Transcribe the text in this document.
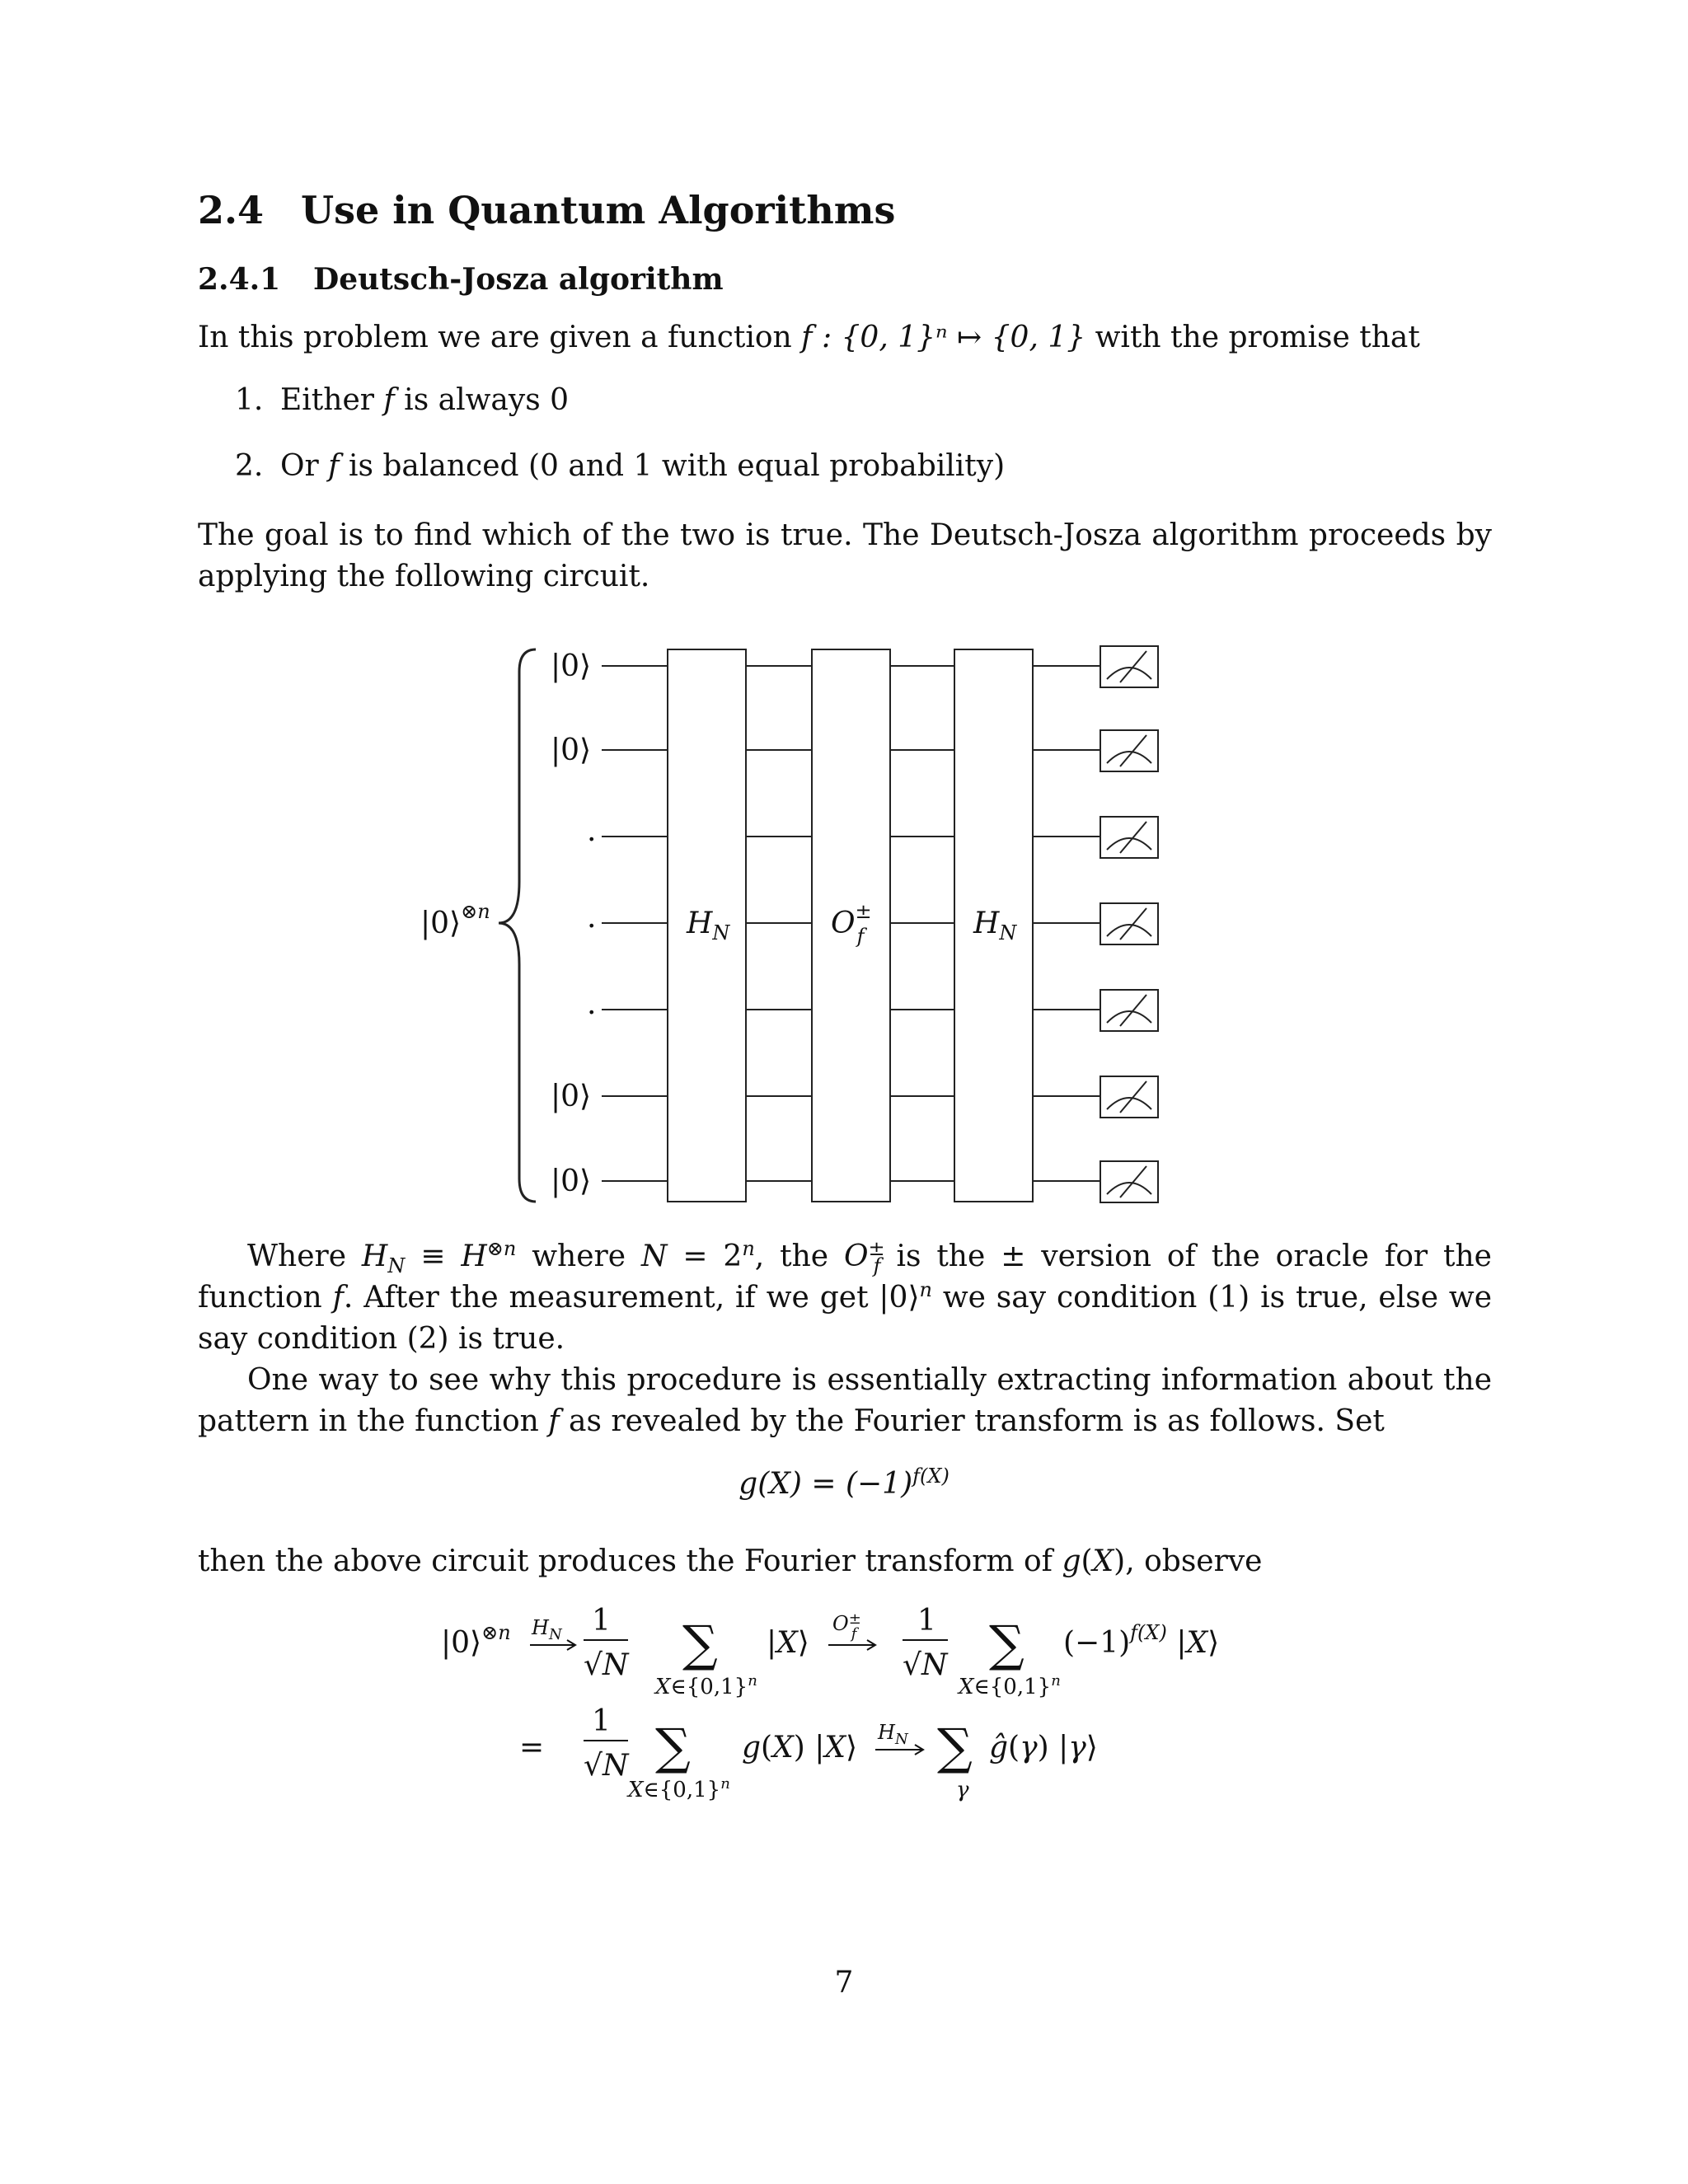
2.4 Use in Quantum Algorithms
2.4.1 Deutsch-Josza algorithm
In this problem we are given a function f : {0, 1}ⁿ ↦ {0, 1} with the promise that
1. Either f is always 0
2. Or f is balanced (0 and 1 with equal probability)
The goal is to find which of the two is true. The Deutsch-Josza algorithm proceeds by applying the following circuit.
|0⟩$^{\otimes n}$
|0⟩
|0⟩
.
.
.
|0⟩
|0⟩
$H_N$	O± f	$H_N$
Where $H_N \equiv H^{\otimes n}$ where $N = 2^n$, the $O^\pm_f$ is the ± version of the oracle for the function f. After the measurement, if we get |0⟩$^n$ we say condition (1) is true, else we say condition (2) is true.
One way to see why this procedure is essentially extracting information about the pattern in the function f as revealed by the Fourier transform is as follows. Set
$g(X) = (-1)^{f(X)}$
then the above circuit produces the Fourier transform of g(X), observe
|0⟩$^{\otimes n}$ $H_N$ 1
√N ∑
$X\in\{0,1\}^n$
|X⟩
O± f 1
√N ∑
$X\in\{0,1\}^n$
$(-1)^{f(X)}$ |X⟩
=
1
√N ∑
$X\in\{0,1\}^n$
g(X) |X⟩ $H_N$ ∑
γ
ĝ(γ) |γ⟩
7
